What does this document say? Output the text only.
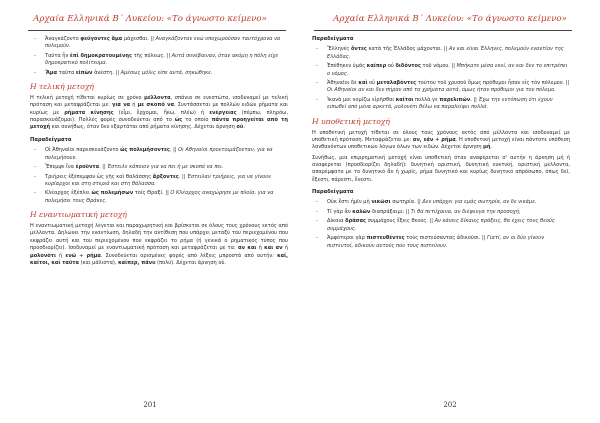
Αρχαία Ελληνικά Β΄ Λυκείου: «Το άγνωστο κείμενο»
- Ἀναγκάζοντο φεύγοντες ἅμα μάχεσθαι. || Αναγκάζονταν ενώ υποχωρούσαν ταυτόχρονα να πολεμούν.
- Ταῦτα ἦν ἐπὶ δημοκρατουμένης τῆς πόλεως. || Αυτά συνέβαιναν, όταν ακόμη η πόλη είχε δημοκρατικό πολίτευμα.
- Ἅμα ταῦτα εἰπὼν ἀνέστη. || Αμέσως μόλις είπε αυτά, σηκώθηκε.
Η τελική μετοχή

Η τελική μετοχή τίθεται κυρίως σε χρόνο μέλλοντα, σπάνια σε ενεστώτα, ισοδυναμεί με τελική πρόταση και μεταφράζεται με: για να ή με σκοπό να. Συντάσσεται με πολλών ειδών ρήματα και κυρίως με ρήματα κίνησης (εἶμι, ἔρχομαι, ἥκω, πλέω) ή ενέργειας (πέμπω, πληρόω, παρασκευάζομαι). Πολλές φορές συνοδεύεται από το ὡς το οποίο πάντα προηγείται από τη μετοχή και συνήθως, όταν δεν εξαρτάται από ρήματα κίνησης. Δέχεται άρνηση οὐ.

Παραδείγματα
- Οἱ Ἀθηναῖοι παρεσκευάζοντο ὡς πολεμήσοντες. || Οι Αθηναίοι προετοιμάζονταν, για να πολεμήσουν.
- Ἔπεμψε ἵνα ἐροῦντα. || Έστειλε κάποιον για να πει ή με σκοπό να πει.
- Τριήρεις ἐξέπεμψαν ὡς γῆς καὶ θαλάσσης ἄρξοντες. || Έστειλαν τριήρεις, για να γίνουν κυρίαρχοι και στη στεριά και στη θάλασσα.
- Κλέαρχος ἐξέπλει ὡς πολεμήσων τοῖς Θραξί. || Ο Κλέαρχος αναχώρησε με πλοία, για να πολεμήσει τους Θράκες.
Η εναντιωματική μετοχή

Η εναντιωματική μετοχή λέγεται και παραχωρητική και βρίσκεται σε όλους τους χρόνους εκτός από μέλλοντα. Δηλώνει την εναντίωση, δηλαδή την αντίθεση που υπάρχει μεταξύ του περιεχομένου που εκφράζει αυτή και του περιεχομένου που εκφράζει το ρήμα (ή γενικά ο ρηματικός τύπος που προσδιορίζει). Ισοδυναμεί με εναντιωματική πρόταση και μεταφράζεται με τα: αν και ή και αν ή μολονότι ή ενώ + ρήμα. Συνοδεύεται ορισμένες φορές από λέξεις μπροστά από αυτήν: καί, καίτοι, καί ταῦτα (και μάλιστα), καίπερ, πάνυ (πολύ). Δέχεται άρνηση οὐ.

201
Αρχαία Ελληνικά Β΄ Λυκείου: «Το άγνωστο κείμενο»
Παραδείγματα
- Ἕλληνές ὄντες κατὰ τῆς Ἑλλάδος μάχονται. || Αν και είναι Έλληνες, πολεμούν εναντίον της Ελλάδας.
- Ἐπέθηκεν ὑμᾶς καίπερ οὐ διδόντος τοῦ νόμου. || Μπήκατε μέσα εκεί, αν και δεν το επιτρέπει ο νόμος.
- Ἀθηναῖοι δὲ καὶ οὐ μεταλαβόντες τούτου τοῦ χρυσοῦ ὅμως πρόθυμοι ἦσαν εἰς τὸν πόλεμον. || Οι Αθηναίοι αν και δεν πήραν από τα χρήματα αυτά, όμως ήταν πρόθυμοι για τον πόλεμο.
- Ἱκανὰ μοι νομίζω εἰρῆσθαι καίτοι πολλὰ γε παρελιπών. || Έχω την εντύπωση ότι έχουν ειπωθεί από μένα αρκετά, μολονότι θέλω να παραλείψει πολλά.
Η υποθετική μετοχή

Η υποθετική μετοχή τίθεται σε όλους τους χρόνους εκτός από μέλλοντα και ισοδυναμεί με υποθετική πρόταση. Μεταφράζεται με: αν, εάν + ρήμα. Η υποθετική μετοχή είναι πάντοτε υπόθεση λανθανόντων υποθετικών λόγων όλων των ειδών. Δέχεται άρνηση μή.

Συνήθως, μια επιρρηματική μετοχή είναι υποθετική όταν αναφέρεται σ' αυτήν η άρνηση μή ή αναφέρεται (προσδιορίζει δηλαδή): δυνητική οριστική, δυνητική ευκτική, οριστική μέλλοντα, απαρέμφατο με το δυνητικό ἄν ή χωρίς, ρήμα δυνητικό και κυρίως δυνητικό απρόσωπο, όπως δεῖ, ἔξεστι, πάρεστι, ἔνεστι.

Παραδείγματα
- Οὐκ ἔστι ἡμῖν μὴ νικῶσι σωτηρία. || Δεν υπάρχει για εμάς σωτηρία, αν δε νικάμε.
- Τί γὰρ ἂν καλῶν διαπράξαιμι; || Τι θα πετύχαινα, αν διέφευγα την προσοχή;
- Δίκαια δράσας συμμάχους ἕξεις θεούς. || Αν κάνεις δίκαιες πράξεις, θα έχεις τους θεούς συμμάχους.
- Ἀμφότεροι γὰρ πιστευθέντες τοὺς πιστεύσαντας ἀδικοῦσι. || Γιατί, αν οι δύο γίνουν πιστευτοί, αδικούν αυτούς που τους πιστεύουν.
202
